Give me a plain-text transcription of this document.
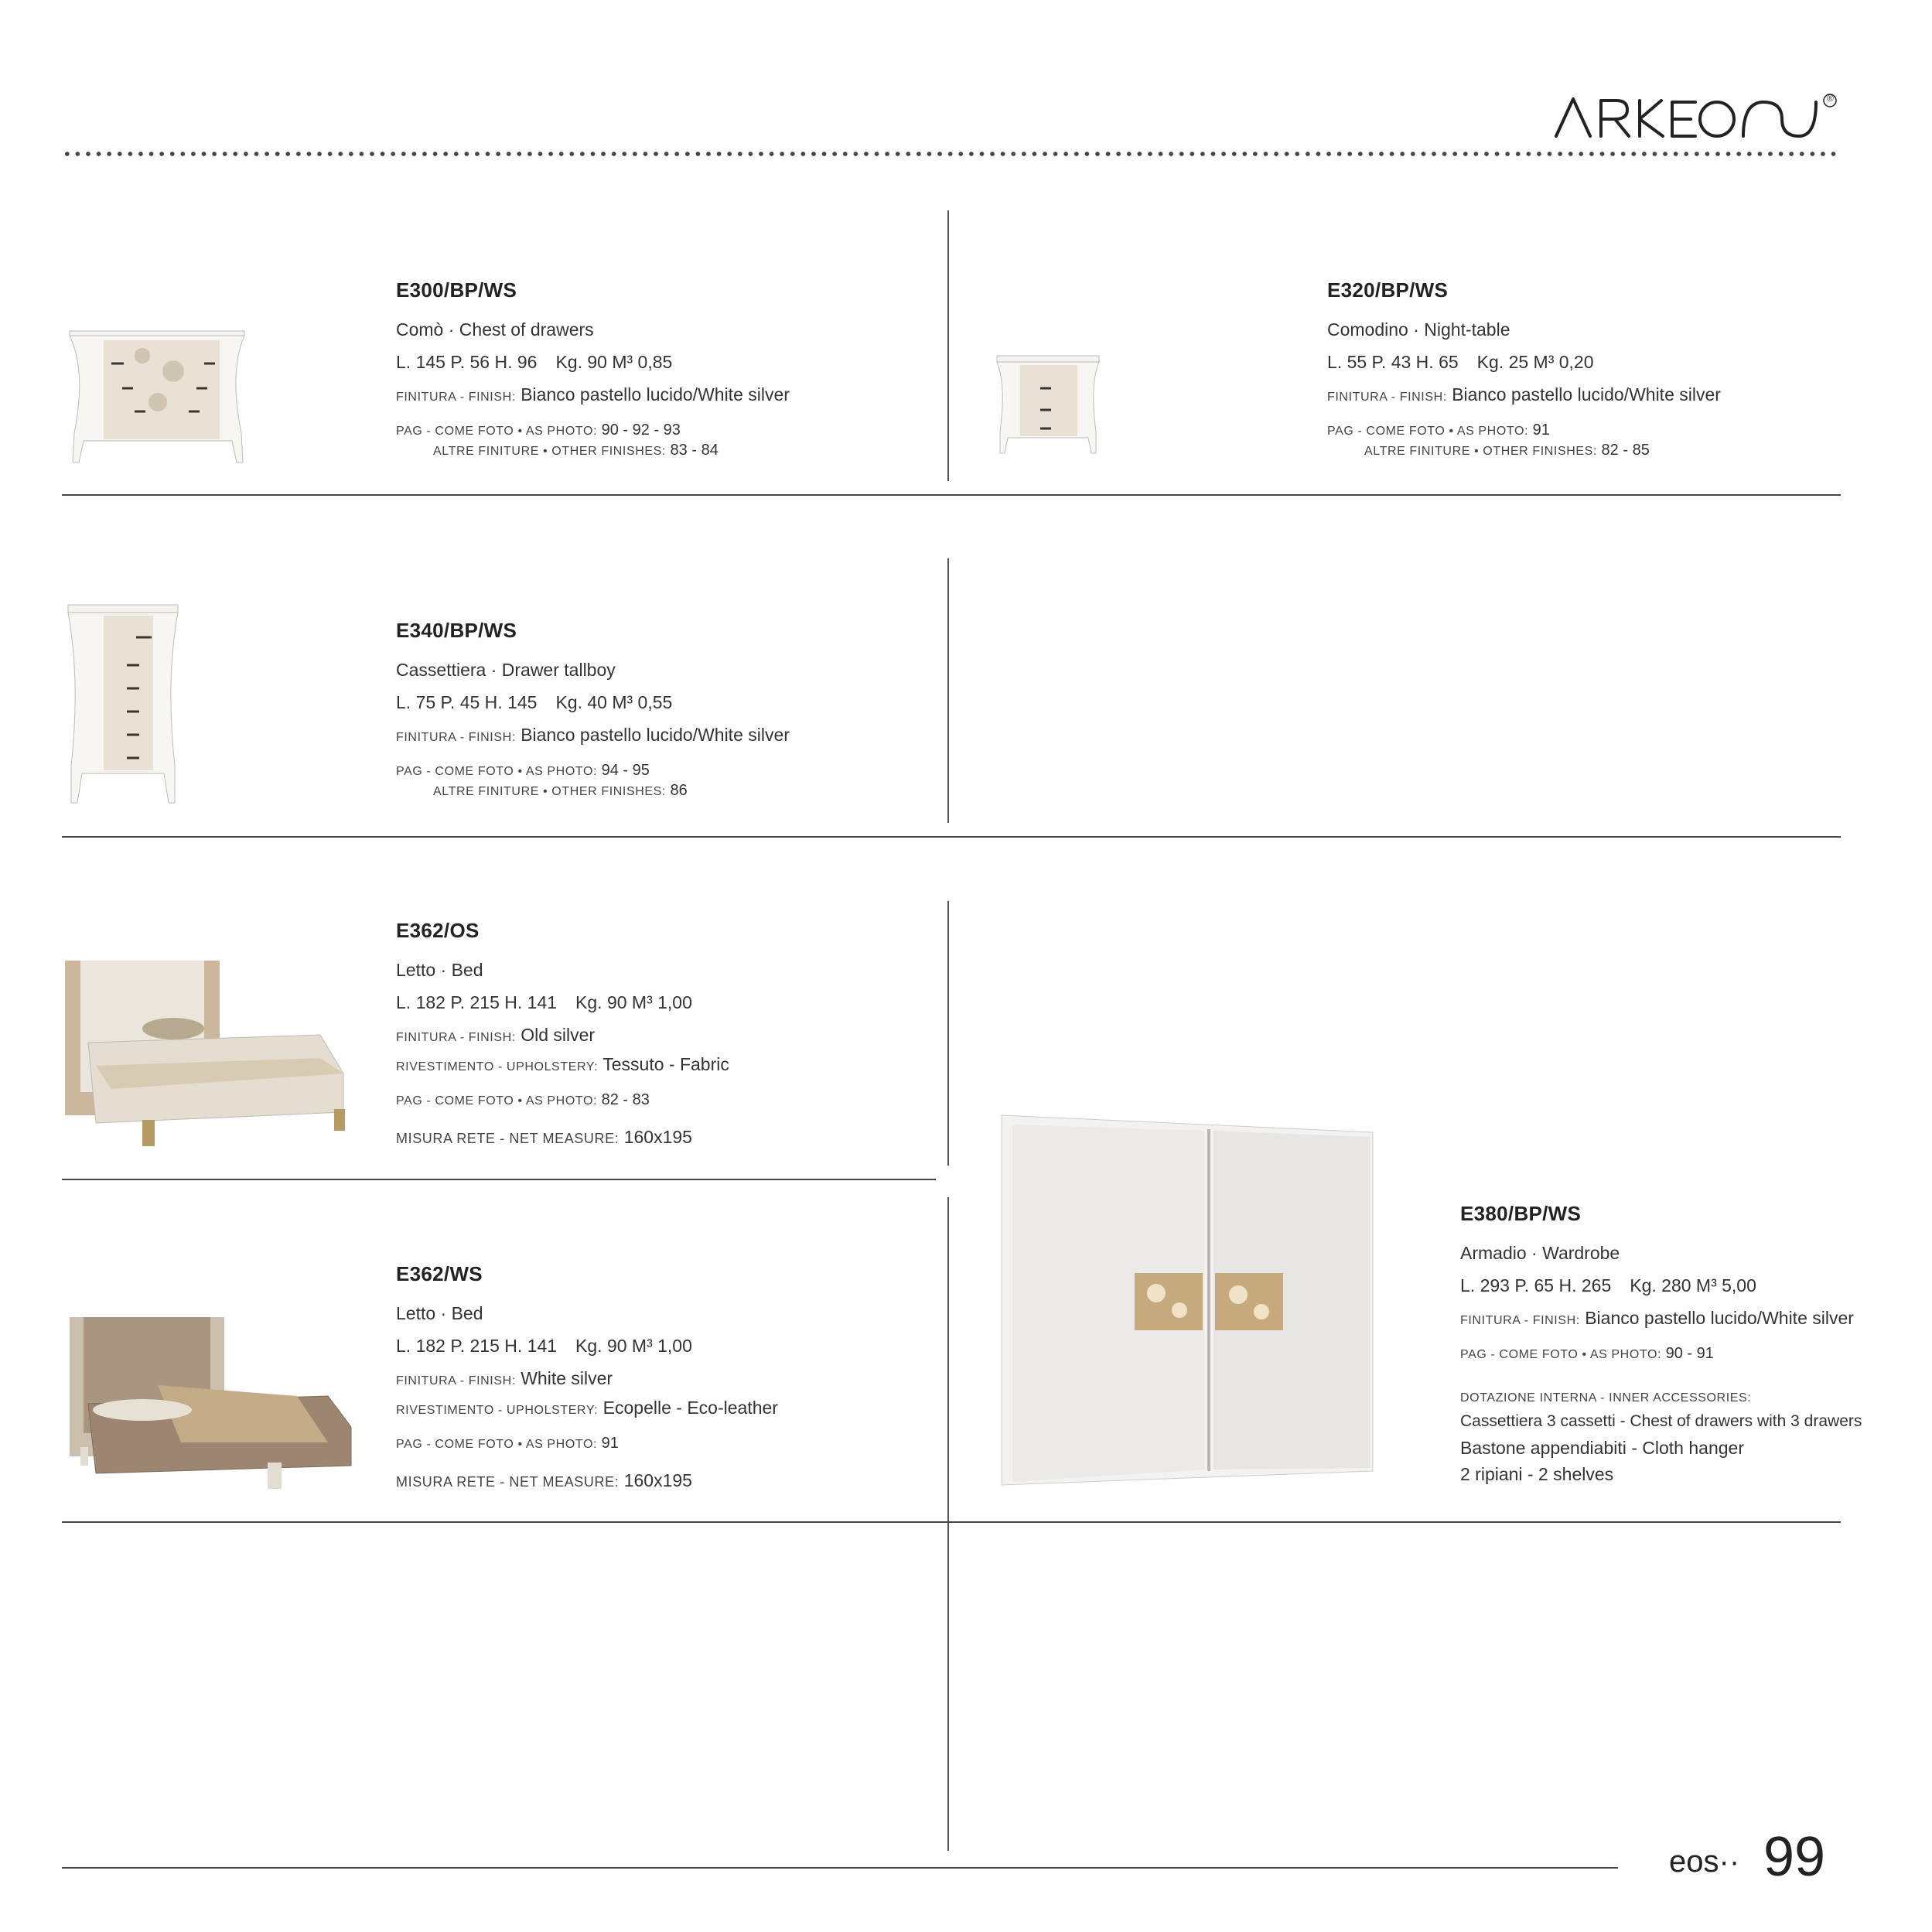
®

E300/BP/WS

Comò · Chest of drawers

L. 145 P. 56 H. 96 Kg. 90 M³ 0,85

FINITURA - FINISH: Bianco pastello lucido/White silver

PAG - COME FOTO • AS PHOTO: 90 - 92 - 93

ALTRE FINITURE • OTHER FINISHES: 83 - 84

E320/BP/WS

Comodino · Night-table

L. 55 P. 43 H. 65 Kg. 25 M³ 0,20

FINITURA - FINISH: Bianco pastello lucido/White silver

PAG - COME FOTO • AS PHOTO: 91

ALTRE FINITURE • OTHER FINISHES: 82 - 85

E340/BP/WS

Cassettiera · Drawer tallboy

L. 75 P. 45 H. 145 Kg. 40 M³ 0,55

FINITURA - FINISH: Bianco pastello lucido/White silver

PAG - COME FOTO • AS PHOTO: 94 - 95

ALTRE FINITURE • OTHER FINISHES: 86

E362/OS

Letto · Bed

L. 182 P. 215 H. 141 Kg. 90 M³ 1,00

FINITURA - FINISH: Old silver

RIVESTIMENTO - UPHOLSTERY: Tessuto - Fabric

PAG - COME FOTO • AS PHOTO: 82 - 83

MISURA RETE - NET MEASURE: 160x195

E362/WS

Letto · Bed

L. 182 P. 215 H. 141 Kg. 90 M³ 1,00

FINITURA - FINISH: White silver

RIVESTIMENTO - UPHOLSTERY: Ecopelle - Eco-leather

PAG - COME FOTO • AS PHOTO: 91

MISURA RETE - NET MEASURE: 160x195

E380/BP/WS

Armadio · Wardrobe

L. 293 P. 65 H. 265 Kg. 280 M³ 5,00

FINITURA - FINISH: Bianco pastello lucido/White silver

PAG - COME FOTO • AS PHOTO: 90 - 91

DOTAZIONE INTERNA - INNER ACCESSORIES:

Cassettiera 3 cassetti - Chest of drawers with 3 drawers

Bastone appendiabiti - Cloth hanger

2 ripiani - 2 shelves

eos·· 99
